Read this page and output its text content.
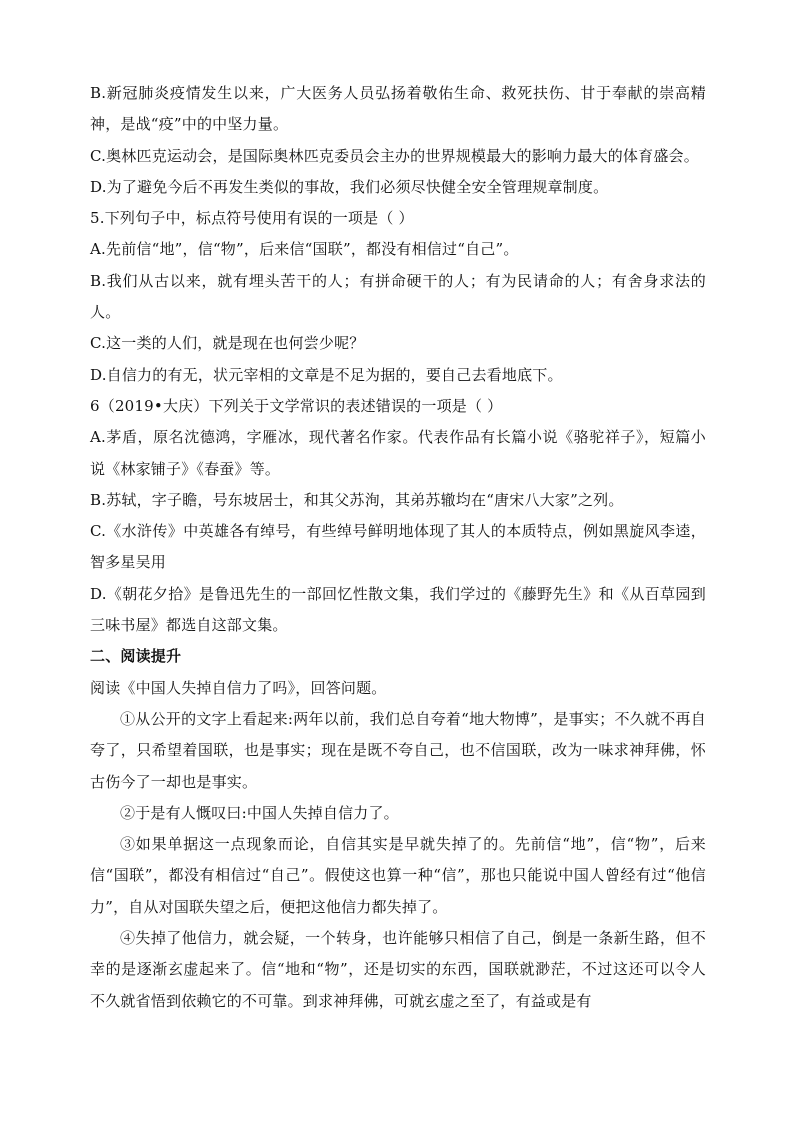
B.新冠肺炎疫情发生以来，广大医务人员弘扬着敬佑生命、救死扶伤、甘于奉献的崇高精神，是战“疫”中的中坚力量。

C.奥林匹克运动会，是国际奥林匹克委员会主办的世界规模最大的影响力最大的体育盛会。

D.为了避免今后不再发生类似的事故，我们必须尽快健全安全管理规章制度。

5.下列句子中，标点符号使用有误的一项是（ ）

A.先前信“地”，信“物”，后来信“国联”，都没有相信过“自己”。

B.我们从古以来，就有埋头苦干的人；有拼命硬干的人；有为民请命的人；有舍身求法的人。

C.这一类的人们，就是现在也何尝少呢？

D.自信力的有无，状元宰相的文章是不足为据的，要自己去看地底下。

6（2019•大庆）下列关于文学常识的表述错误的一项是（ ）

A.茅盾，原名沈德鸿，字雁冰，现代著名作家。代表作品有长篇小说《骆驼祥子》，短篇小说《林家铺子》《春蚕》等。

B.苏轼，字子瞻，号东坡居士，和其父苏洵，其弟苏辙均在“唐宋八大家”之列。

C.《水浒传》中英雄各有绰号，有些绰号鲜明地体现了其人的本质特点，例如黑旋风李逵，智多星吴用

D.《朝花夕拾》是鲁迅先生的一部回忆性散文集，我们学过的《藤野先生》和《从百草园到三味书屋》都选自这部文集。

二、阅读提升

阅读《中国人失掉自信力了吗》，回答问题。

①从公开的文字上看起来:两年以前，我们总自夸着“地大物博”，是事实；不久就不再自夸了，只希望着国联，也是事实；现在是既不夸自己，也不信国联，改为一味求神拜佛，怀古伤今了一却也是事实。

②于是有人慨叹曰:中国人失掉自信力了。

③如果单据这一点现象而论，自信其实是早就失掉了的。先前信“地”，信“物”，后来信“国联”，都没有相信过“自己”。假使这也算一种“信”，那也只能说中国人曾经有过“他信力”，自从对国联失望之后，便把这他信力都失掉了。

④失掉了他信力，就会疑，一个转身，也许能够只相信了自己，倒是一条新生路，但不幸的是逐渐玄虚起来了。信“地和“物”，还是切实的东西，国联就渺茫，不过这还可以令人不久就省悟到依赖它的不可靠。到求神拜佛，可就玄虚之至了，有益或是有
